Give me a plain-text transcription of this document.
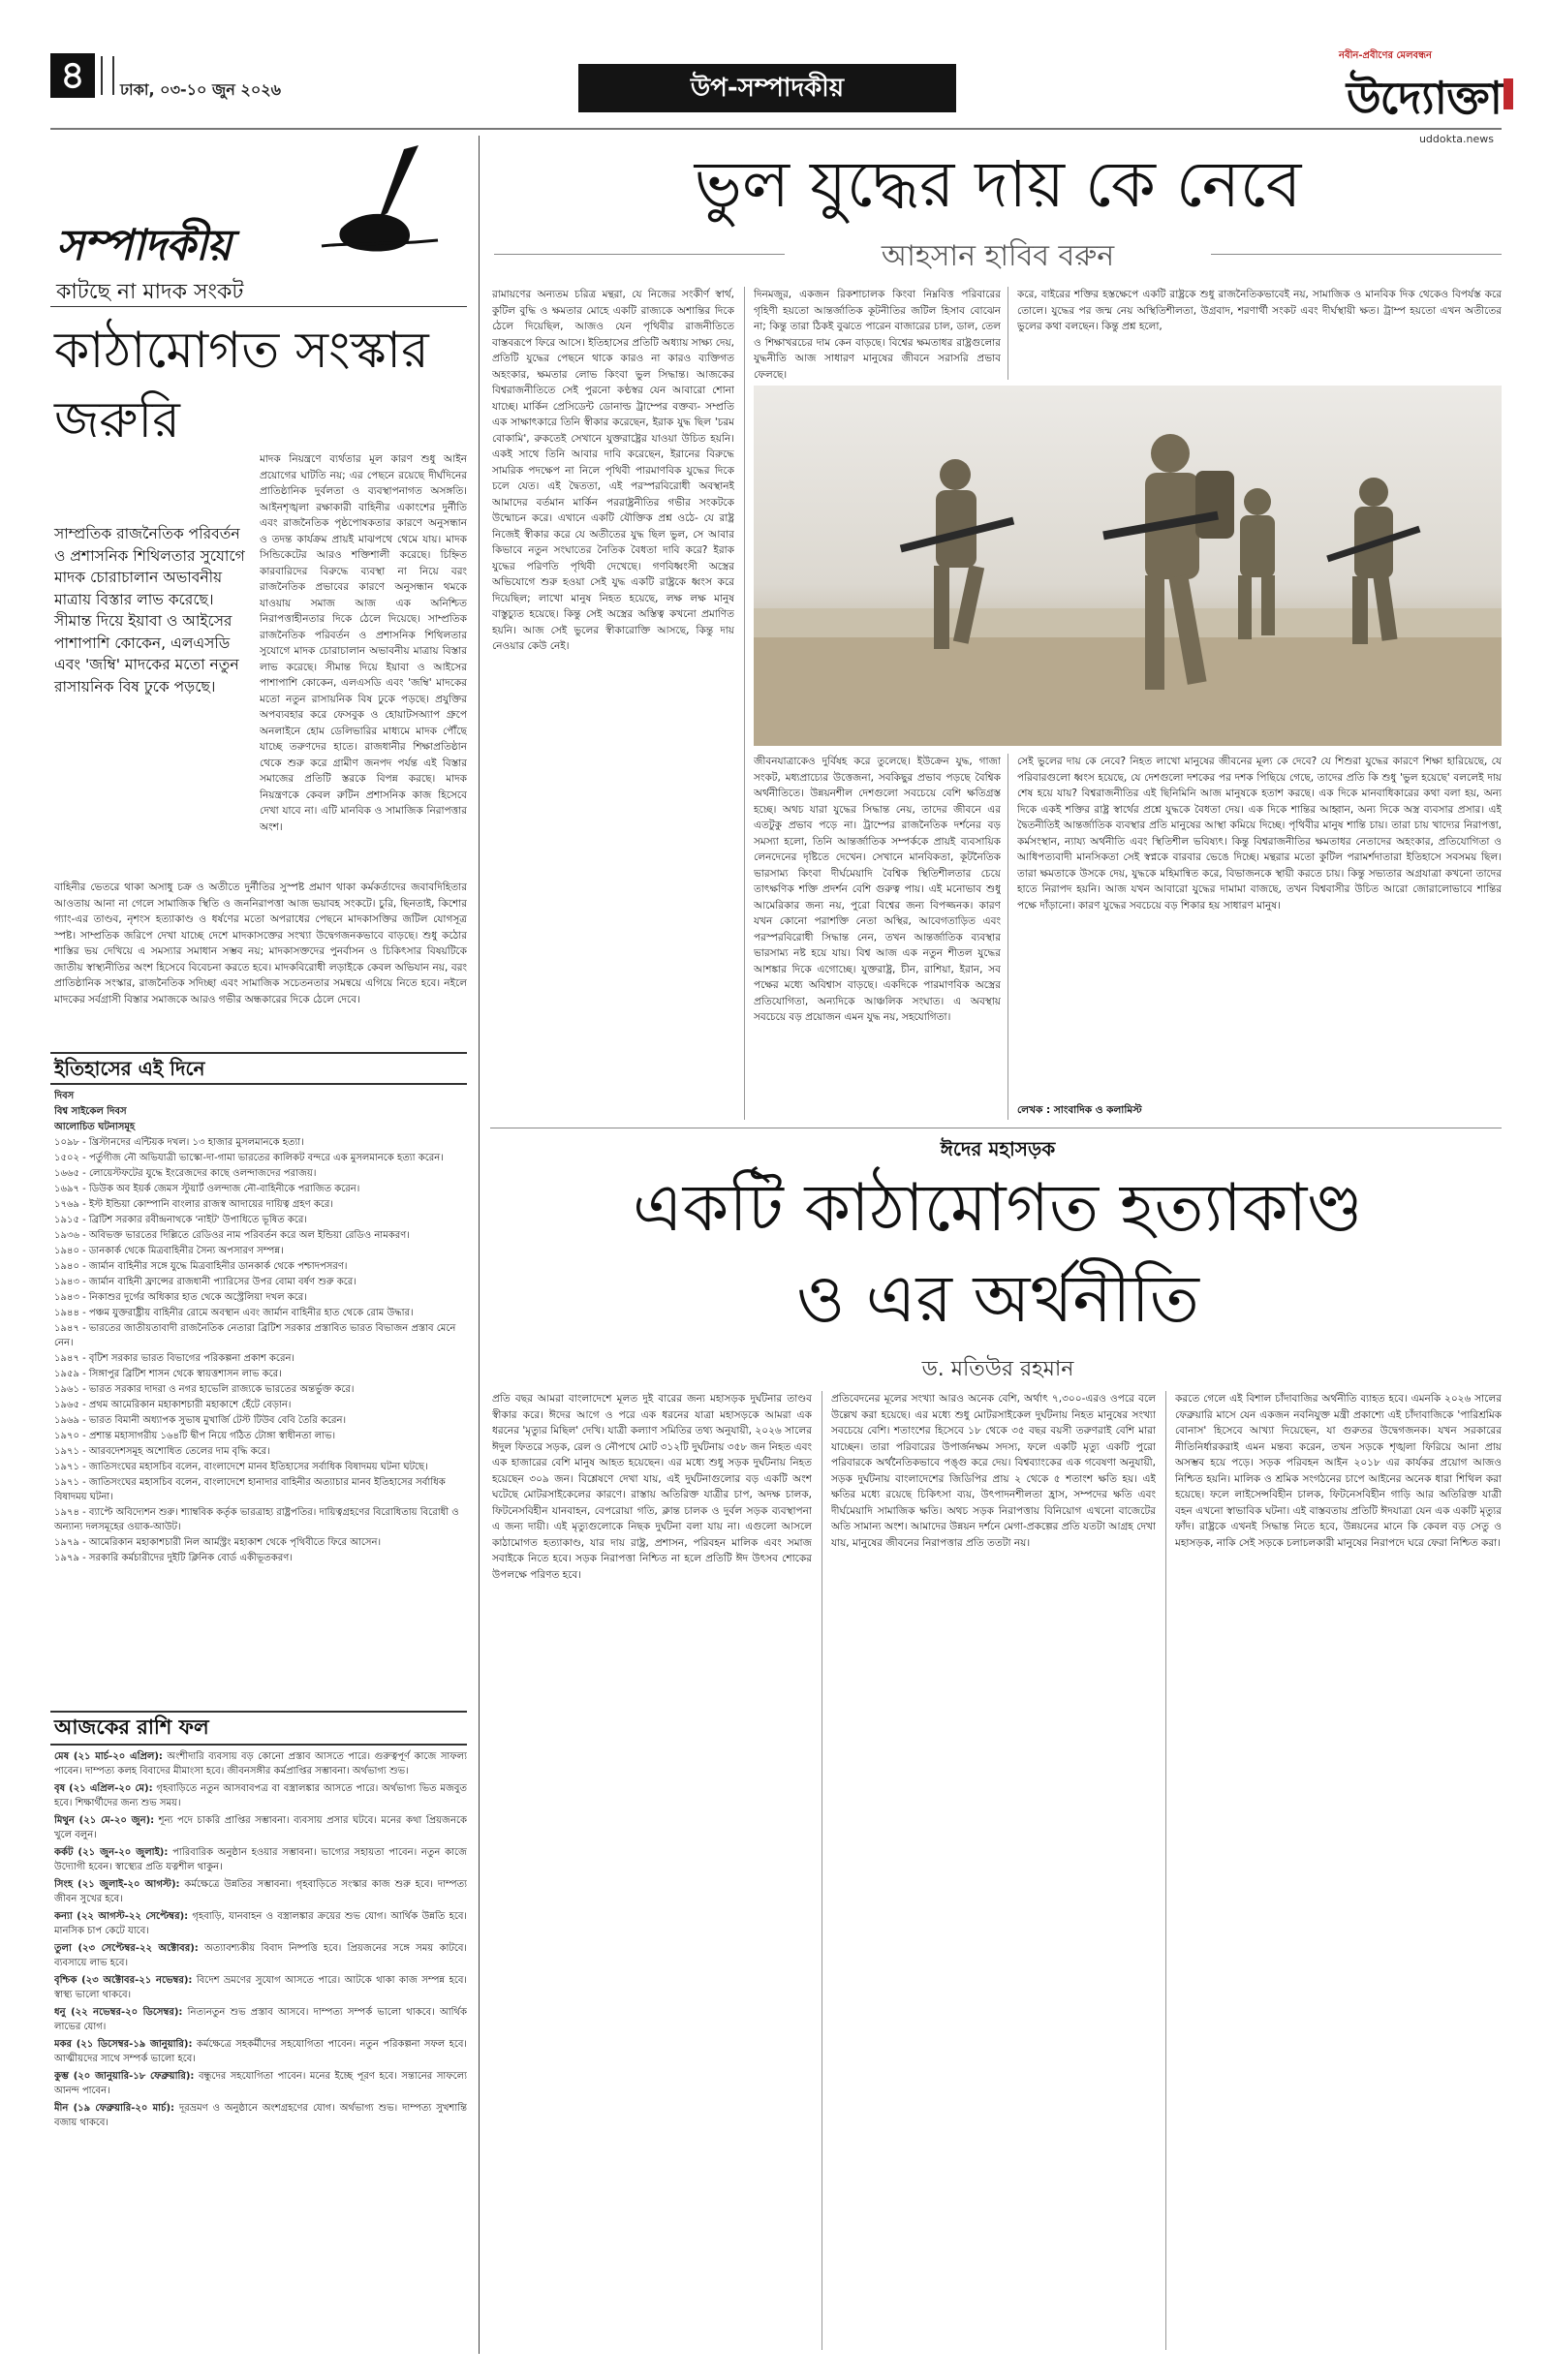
৪	ঢাকা, ০৩-১০ জুন ২০২৬	উপ-সম্পাদকীয়
নবীন-প্রবীণের মেলবন্ধন
উদ্যোক্তা
uddokta.news
সম্পাদকীয়
কাটছে না মাদক সংকট
কাঠামোগত সংস্কার জরুরি
সাম্প্রতিক রাজনৈতিক পরিবর্তন ও প্রশাসনিক শিথিলতার সুযোগে মাদক চোরাচালান অভাবনীয় মাত্রায় বিস্তার লাভ করেছে। সীমান্ত দিয়ে ইয়াবা ও আইসের পাশাপাশি কোকেন, এলএসডি এবং 'জম্বি' মাদকের মতো নতুন রাসায়নিক বিষ ঢুকে পড়ছে।
মাদক নিয়ন্ত্রণে ব্যর্থতার মূল কারণ শুধু আইন প্রয়োগের ঘাটতি নয়; এর পেছনে রয়েছে দীর্ঘদিনের প্রাতিষ্ঠানিক দুর্বলতা ও ব্যবস্থাপনাগত অসঙ্গতি। আইনশৃঙ্খলা রক্ষাকারী বাহিনীর একাংশের দুর্নীতি এবং রাজনৈতিক পৃষ্ঠপোষকতার কারণে অনুসন্ধান ও তদন্ত কার্যক্রম প্রায়ই মাঝপথে থেমে যায়। মাদক সিন্ডিকেটের আরও শক্তিশালী করেছে। চিহ্নিত কারবারিদের বিরুদ্ধে ব্যবস্থা না নিয়ে বরং রাজনৈতিক প্রভাবের কারণে অনুসন্ধান থমকে যাওয়ায় সমাজ আজ এক অনিশ্চিত নিরাপত্তাহীনতার দিকে ঠেলে দিয়েছে। সাম্প্রতিক রাজনৈতিক পরিবর্তন ও প্রশাসনিক শিথিলতার সুযোগে মাদক চোরাচালান অভাবনীয় মাত্রায় বিস্তার লাভ করেছে। সীমান্ত দিয়ে ইয়াবা ও আইসের পাশাপাশি কোকেন, এলএসডি এবং 'জম্বি' মাদকের মতো নতুন রাসায়নিক বিষ ঢুকে পড়ছে। প্রযুক্তির অপব্যবহার করে ফেসবুক ও হোয়াটসঅ্যাপ গ্রুপে অনলাইনে হোম ডেলিভারির মাধ্যমে মাদক পৌঁছে যাচ্ছে তরুণদের হাতে। রাজধানীর শিক্ষাপ্রতিষ্ঠান থেকে শুরু করে গ্রামীণ জনপদ পর্যন্ত এই বিস্তার সমাজের প্রতিটি স্তরকে বিপন্ন করছে। মাদক নিয়ন্ত্রণকে কেবল রুটিন প্রশাসনিক কাজ হিসেবে দেখা যাবে না। এটি মানবিক ও সামাজিক নিরাপত্তার অংশ।
বাহিনীর ভেতরে থাকা অসাধু চক্র ও অতীতে দুর্নীতির সুস্পষ্ট প্রমাণ থাকা কর্মকর্তাদের জবাবদিহিতার আওতায় আনা না গেলে সামাজিক স্থিতি ও জননিরাপত্তা আজ ভয়াবহ সংকটে। চুরি, ছিনতাই, কিশোর গ্যাং-এর তাণ্ডব, নৃশংস হত্যাকাণ্ড ও ধর্ষণের মতো অপরাধের পেছনে মাদকাসক্তির জটিল যোগসূত্র স্পষ্ট। সাম্প্রতিক জরিপে দেখা যাচ্ছে দেশে মাদকাসক্তের সংখ্যা উদ্বেগজনকভাবে বাড়ছে। শুধু কঠোর শাস্তির ভয় দেখিয়ে এ সমস্যার সমাধান সম্ভব নয়; মাদকাসক্তদের পুনর্বাসন ও চিকিৎসার বিষয়টিকে জাতীয় স্বাস্থ্যনীতির অংশ হিসেবে বিবেচনা করতে হবে। মাদকবিরোধী লড়াইকে কেবল অভিযান নয়, বরং প্রাতিষ্ঠানিক সংস্কার, রাজনৈতিক সদিচ্ছা এবং সামাজিক সচেতনতার সমন্বয়ে এগিয়ে নিতে হবে। নইলে মাদকের সর্বগ্রাসী বিস্তার সমাজকে আরও গভীর অন্ধকারের দিকে ঠেলে দেবে।
ইতিহাসের এই দিনে
দিবস
বিশ্ব সাইকেল দিবস
আলোচিত ঘটনাসমূহ
১০৯৮ - খ্রিস্টানদের এন্টিয়ক দখল। ১৩ হাজার মুসলমানকে হত্যা।
১৫০২ - পর্তুগীজ নৌ অভিযাত্রী ভাস্কো-দা-গামা ভারতের কালিকট বন্দরে এক মুসলমানকে হত্যা করেন।
১৬৬৫ - লোয়েস্টফটের যুদ্ধে ইংরেজদের কাছে ওলন্দাজদের পরাজয়।
১৬৯৭ - ডিউক অব ইয়র্ক জেমস স্টুয়ার্ট ওলন্দাজ নৌ-বাহিনীকে পরাজিত করেন।
১৭৬৯ - ইস্ট ইন্ডিয়া কোম্পানি বাংলার রাজস্ব আদায়ের দায়িত্ব গ্রহণ করে।
১৯১৫ - ব্রিটিশ সরকার রবীন্দ্রনাথকে 'নাইট' উপাধিতে ভূষিত করে।
১৯৩৬ - অবিভক্ত ভারতের দিল্লিতে রেডিওর নাম পরিবর্তন করে অল ইন্ডিয়া রেডিও নামকরণ।
১৯৪০ - ডানকার্ক থেকে মিত্রবাহিনীর সৈন্য অপসারণ সম্পন্ন।
১৯৪০ - জার্মান বাহিনীর সঙ্গে যুদ্ধে মিত্রবাহিনীর ডানকার্ক থেকে পশ্চাদপসরণ।
১৯৪৩ - জার্মান বাহিনী ফ্রান্সের রাজধানী প্যারিসের উপর বোমা বর্ষণ শুরু করে।
১৯৪৩ - নিকাশুর দুর্গের অধিকার হাত থেকে অস্ট্রেলিয়া দখল করে।
১৯৪৪ - পঞ্চম যুক্তরাষ্ট্রীয় বাহিনীর রোমে অবস্থান এবং জার্মান বাহিনীর হাত থেকে রোম উদ্ধার।
১৯৪৭ - ভারতের জাতীয়তাবাদী রাজনৈতিক নেতারা ব্রিটিশ সরকার প্রস্তাবিত ভারত বিভাজন প্রস্তাব মেনে নেন।
১৯৪৭ - বৃটিশ সরকার ভারত বিভাগের পরিকল্পনা প্রকাশ করেন।
১৯৫৯ - সিঙ্গাপুর ব্রিটিশ শাসন থেকে স্বায়ত্তশাসন লাভ করে।
১৯৬১ - ভারত সরকার দাদরা ও নগর হাভেলি রাজ্যকে ভারতের অন্তর্ভুক্ত করে।
১৯৬৫ - প্রথম আমেরিকান মহাকাশচারী মহাকাশে হেঁটে বেড়ান।
১৯৬৯ - ভারত বিমানী অধ্যাপক সুভাষ মুখার্জি টেস্ট টিউব বেবি তৈরি করেন।
১৯৭০ - প্রশান্ত মহাসাগরীয় ১৬৪টি দ্বীপ নিয়ে গঠিত টোঙ্গা স্বাধীনতা লাভ।
১৯৭১ - আরবদেশসমূহ অশোধিত তেলের দাম বৃদ্ধি করে।
১৯৭১ - জাতিসংঘের মহাসচিব বলেন, বাংলাদেশে মানব ইতিহাসের সর্বাধিক বিষাদময় ঘটনা ঘটছে।
১৯৭১ - জাতিসংঘের মহাসচিব বলেন, বাংলাদেশে হানাদার বাহিনীর অত্যাচার মানব ইতিহাসের সর্বাধিক বিষাদময় ঘটনা।
১৯৭৪ - ব্যাপ্টে অবিদ্যেশন শুরু। শ্যাম্ববিক কর্তৃক ভারত্রাহ্য রাষ্ট্রপতির। দায়িত্বগ্রহণের বিরোধিতায় বিরোধী ও অন্যান্য দলসমূহের ওয়াক-আউট।
১৯৭৯ - আমেরিকান মহাকাশচারী নিল আর্মস্ট্রং মহাকাশ থেকে পৃথিবীতে ফিরে আসেন।
১৯৭৯ - সরকারি কর্মচারীদের দুইটি ক্লিনিক বোর্ড একীভূতকরণ।
আজকের রাশি ফল
মেষ (২১ মার্চ-২০ এপ্রিল): অংশীদারি ব্যবসায় বড় কোনো প্রস্তাব আসতে পারে। গুরুত্বপূর্ণ কাজে সাফল্য পাবেন। দাম্পত্য কলহ বিবাদের মীমাংসা হবে। জীবনসঙ্গীর কর্মপ্রাপ্তির সম্ভাবনা। অর্থভাগ্য শুভ।
বৃষ (২১ এপ্রিল-২০ মে): গৃহবাড়িতে নতুন আসবাবপত্র বা বস্ত্রালঙ্কার আসতে পারে। অর্থভাগ্য ভিত মজবুত হবে। শিক্ষার্থীদের জন্য শুভ সময়।
মিথুন (২১ মে-২০ জুন): শূন্য পদে চাকরি প্রাপ্তির সম্ভাবনা। ব্যবসায় প্রসার ঘটবে। মনের কথা প্রিয়জনকে খুলে বলুন।
কর্কট (২১ জুন-২০ জুলাই): পারিবারিক অনুষ্ঠান হওয়ার সম্ভাবনা। ভাগ্যের সহায়তা পাবেন। নতুন কাজে উদ্যোগী হবেন। স্বাস্থ্যের প্রতি যত্নশীল থাকুন।
সিংহ (২১ জুলাই-২০ আগস্ট): কর্মক্ষেত্রে উন্নতির সম্ভাবনা। গৃহবাড়িতে সংস্কার কাজ শুরু হবে। দাম্পত্য জীবন সুখের হবে।
কন্যা (২২ আগস্ট-২২ সেপ্টেম্বর): গৃহবাড়ি, যানবাহন ও বস্ত্রালঙ্কার ক্রয়ের শুভ যোগ। আর্থিক উন্নতি হবে। মানসিক চাপ কেটে যাবে।
তুলা (২৩ সেপ্টেম্বর-২২ অক্টোবর): অত্যাবশ্যকীয় বিবাদ নিষ্পত্তি হবে। প্রিয়জনের সঙ্গে সময় কাটবে। ব্যবসায়ে লাভ হবে।
বৃশ্চিক (২৩ অক্টোবর-২১ নভেম্বর): বিদেশ ভ্রমণের সুযোগ আসতে পারে। আটকে থাকা কাজ সম্পন্ন হবে। স্বাস্থ্য ভালো থাকবে।
ধনু (২২ নভেম্বর-২০ ডিসেম্বর): নিত্যনতুন শুভ প্রস্তাব আসবে। দাম্পত্য সম্পর্ক ভালো থাকবে। আর্থিক লাভের যোগ।
মকর (২১ ডিসেম্বর-১৯ জানুয়ারি): কর্মক্ষেত্রে সহকর্মীদের সহযোগিতা পাবেন। নতুন পরিকল্পনা সফল হবে। আত্মীয়দের সাথে সম্পর্ক ভালো হবে।
কুম্ভ (২০ জানুয়ারি-১৮ ফেব্রুয়ারি): বন্ধুদের সহযোগিতা পাবেন। মনের ইচ্ছে পূরণ হবে। সন্তানের সাফল্যে আনন্দ পাবেন।
মীন (১৯ ফেব্রুয়ারি-২০ মার্চ): দূরভ্রমণ ও অনুষ্ঠানে অংশগ্রহণের যোগ। অর্থভাগ্য শুভ। দাম্পত্য সুখশান্তি বজায় থাকবে।
ভুল যুদ্ধের দায় কে নেবে
আহসান হাবিব বরুন
রামায়ণের অন্যতম চরিত্র মন্থরা, যে নিজের সংকীর্ণ স্বার্থ, কুটিল বুদ্ধি ও ক্ষমতার মোহে একটি রাজ্যকে অশান্তির দিকে ঠেলে দিয়েছিল, আজও যেন পৃথিবীর রাজনীতিতে বাস্তবরূপে ফিরে আসে। ইতিহাসের প্রতিটি অধ্যায় সাক্ষ্য দেয়, প্রতিটি যুদ্ধের পেছনে থাকে কারও না কারও ব্যক্তিগত অহংকার, ক্ষমতার লোভ কিংবা ভুল সিদ্ধান্ত। আজকের বিশ্বরাজনীতিতে সেই পুরনো কণ্ঠস্বর যেন আবারো শোনা যাচ্ছে। মার্কিন প্রেসিডেন্ট ডোনাল্ড ট্রাম্পের বক্তব্য- সম্প্রতি এক সাক্ষাৎকারে তিনি স্বীকার করেছেন, ইরাক যুদ্ধ ছিল 'চরম বোকামি', রুকতেই সেখানে যুক্তরাষ্ট্রের যাওয়া উচিত হয়নি। একই সাথে তিনি আবার দাবি করেছেন, ইরানের বিরুদ্ধে সামরিক পদক্ষেপ না নিলে পৃথিবী পারমাণবিক যুদ্ধের দিকে চলে যেত। এই দ্বৈততা, এই পরস্পরবিরোধী অবস্থানই আমাদের বর্তমান মার্কিন পররাষ্ট্রনীতির গভীর সংকটকে উন্মোচন করে। এখানে একটি যৌক্তিক প্রশ্ন ওঠে- যে রাষ্ট্র নিজেই স্বীকার করে যে অতীতের যুদ্ধ ছিল ভুল, সে আবার কিভাবে নতুন সংঘাতের নৈতিক বৈধতা দাবি করে? ইরাক যুদ্ধের পরিণতি পৃথিবী দেখেছে। গণবিধ্বংসী অস্ত্রের অভিযোগে শুরু হওয়া সেই যুদ্ধ একটি রাষ্ট্রকে ধ্বংস করে দিয়েছিল; লাখো মানুষ নিহত হয়েছে, লক্ষ লক্ষ মানুষ বাস্তুচ্যুত হয়েছে। কিন্তু সেই অস্ত্রের অস্তিত্ব কখনো প্রমাণিত হয়নি। আজ সেই ভুলের স্বীকারোক্তি আসছে, কিন্তু দায় নেওয়ার কেউ নেই।
দিনমজুর, একজন রিকশাচালক কিংবা নিম্নবিত্ত পরিবারের গৃহিণী হয়তো আন্তর্জাতিক কূটনীতির জটিল হিসাব বোঝেন না; কিন্তু তারা ঠিকই বুঝতে পারেন বাজারের চাল, ডাল, তেল ও শিক্ষাখরচের দাম কেন বাড়ছে। বিশ্বের ক্ষমতাধর রাষ্ট্রগুলোর যুদ্ধনীতি আজ সাধারণ মানুষের জীবনে সরাসরি প্রভাব ফেলছে।
করে, বাইরের শক্তির হস্তক্ষেপে একটি রাষ্ট্রকে শুধু রাজনৈতিকভাবেই নয়, সামাজিক ও মানবিক দিক থেকেও বিপর্যস্ত করে তোলে। যুদ্ধের পর জন্ম নেয় অস্থিতিশীলতা, উগ্রবাদ, শরণার্থী সংকট এবং দীর্ঘস্থায়ী ক্ষত। ট্রাম্প হয়তো এখন অতীতের ভুলের কথা বলছেন। কিন্তু প্রশ্ন হলো,
জীবনযাত্রাকেও দুর্বিষহ করে তুলেছে। ইউক্রেন যুদ্ধ, গাজা সংকট, মধ্যপ্রাচ্যের উত্তেজনা, সবকিছুর প্রভাব পড়ছে বৈশ্বিক অর্থনীতিতে। উন্নয়নশীল দেশগুলো সবচেয়ে বেশি ক্ষতিগ্রস্ত হচ্ছে। অথচ যারা যুদ্ধের সিদ্ধান্ত নেয়, তাদের জীবনে এর এতটুকু প্রভাব পড়ে না। ট্রাম্পের রাজনৈতিক দর্শনের বড় সমস্যা হলো, তিনি আন্তর্জাতিক সম্পর্ককে প্রায়ই ব্যবসায়িক লেনদেনের দৃষ্টিতে দেখেন। সেখানে মানবিকতা, কূটনৈতিক ভারসাম্য কিংবা দীর্ঘমেয়াদি বৈশ্বিক স্থিতিশীলতার চেয়ে তাৎক্ষণিক শক্তি প্রদর্শন বেশি গুরুত্ব পায়। এই মনোভাব শুধু আমেরিকার জন্য নয়, পুরো বিশ্বের জন্য বিপজ্জনক। কারণ যখন কোনো পরাশক্তি নেতা অস্থির, আবেগতাড়িত এবং পরস্পরবিরোধী সিদ্ধান্ত নেন, তখন আন্তর্জাতিক ব্যবস্থার ভারসাম্য নষ্ট হয়ে যায়। বিশ্ব আজ এক নতুন শীতল যুদ্ধের আশঙ্কার দিকে এগোচ্ছে। যুক্তরাষ্ট্র, চীন, রাশিয়া, ইরান, সব পক্ষের মধ্যে অবিশ্বাস বাড়ছে। একদিকে পারমাণবিক অস্ত্রের প্রতিযোগিতা, অন্যদিকে আঞ্চলিক সংঘাত। এ অবস্থায় সবচেয়ে বড় প্রয়োজন এমন যুদ্ধ নয়, সহযোগিতা।
সেই ভুলের দায় কে নেবে? নিহত লাখো মানুষের জীবনের মূল্য কে দেবে? যে শিশুরা যুদ্ধের কারণে শিক্ষা হারিয়েছে, যে পরিবারগুলো ধ্বংস হয়েছে, যে দেশগুলো দশকের পর দশক পিছিয়ে গেছে, তাদের প্রতি কি শুধু 'ভুল হয়েছে' বললেই দায় শেষ হয়ে যায়? বিশ্বরাজনীতির এই ছিনিমিনি আজ মানুষকে হতাশ করছে। এক দিকে মানবাধিকারের কথা বলা হয়, অন্য দিকে একই শক্তির রাষ্ট্র স্বার্থের প্রশ্নে যুদ্ধকে বৈধতা দেয়। এক দিকে শান্তির আহ্বান, অন্য দিকে অস্ত্র ব্যবসার প্রসার। এই দ্বৈতনীতিই আন্তর্জাতিক ব্যবস্থার প্রতি মানুষের আস্থা কমিয়ে দিচ্ছে। পৃথিবীর মানুষ শান্তি চায়। তারা চায় খাদ্যের নিরাপত্তা, কর্মসংস্থান, ন্যায্য অর্থনীতি এবং স্থিতিশীল ভবিষ্যৎ। কিন্তু বিশ্বরাজনীতির ক্ষমতাধর নেতাদের অহংকার, প্রতিযোগিতা ও আধিপত্যবাদী মানসিকতা সেই স্বপ্নকে বারবার ভেঙে দিচ্ছে। মন্থরার মতো কুটিল পরামর্শদাতারা ইতিহাসে সবসময় ছিল। তারা ক্ষমতাকে উসকে দেয়, যুদ্ধকে মহিমান্বিত করে, বিভাজনকে স্থায়ী করতে চায়। কিন্তু সভ্যতার অগ্রযাত্রা কখনো তাদের হাতে নিরাপদ হয়নি। আজ যখন আবারো যুদ্ধের দামামা বাজছে, তখন বিশ্ববাসীর উচিত আরো জোরালোভাবে শান্তির পক্ষে দাঁড়ানো। কারণ যুদ্ধের সবচেয়ে বড় শিকার হয় সাধারণ মানুষ।
লেখক : সাংবাদিক ও কলামিস্ট
ঈদের মহাসড়ক
একটি কাঠামোগত হত্যাকাণ্ড
ও এর অর্থনীতি
ড. মতিউর রহমান
প্রতি বছর আমরা বাংলাদেশে মূলত দুই বারের জন্য মহাসড়ক দুর্ঘটনার তাণ্ডব স্বীকার করে। ঈদের আগে ও পরে এক ধরনের যাত্রা মহাসড়কে আমরা এক ধরনের 'মৃত্যুর মিছিল' দেখি। যাত্রী কল্যাণ সমিতির তথ্য অনুযায়ী, ২০২৬ সালের ঈদুল ফিতরে সড়ক, রেল ও নৌপথে মোট ৩১২টি দুর্ঘটনায় ৩৫৮ জন নিহত এবং এক হাজারের বেশি মানুষ আহত হয়েছেন। এর মধ্যে শুধু সড়ক দুর্ঘটনায় নিহত হয়েছেন ৩০৯ জন। বিশ্লেষণে দেখা যায়, এই দুর্ঘটনাগুলোর বড় একটি অংশ ঘটেছে মোটরসাইকেলের কারণে। রাস্তায় অতিরিক্ত যাত্রীর চাপ, অদক্ষ চালক, ফিটনেসবিহীন যানবাহন, বেপরোয়া গতি, ক্লান্ত চালক ও দুর্বল সড়ক ব্যবস্থাপনা এ জন্য দায়ী। এই মৃত্যুগুলোকে নিছক দুর্ঘটনা বলা যায় না। এগুলো আসলে কাঠামোগত হত্যাকাণ্ড, যার দায় রাষ্ট্র, প্রশাসন, পরিবহন মালিক এবং সমাজ সবাইকে নিতে হবে। সড়ক নিরাপত্তা নিশ্চিত না হলে প্রতিটি ঈদ উৎসব শোকের উপলক্ষে পরিণত হবে।
প্রতিবেদনের মূলের সংখ্যা আরও অনেক বেশি, অর্থাৎ ৭,৩০০-এরও ওপরে বলে উল্লেখ করা হয়েছে। এর মধ্যে শুধু মোটরসাইকেল দুর্ঘটনায় নিহত মানুষের সংখ্যা সবচেয়ে বেশি। শতাংশের হিসেবে ১৮ থেকে ৩৫ বছর বয়সী তরুণরাই বেশি মারা যাচ্ছেন। তারা পরিবারের উপার্জনক্ষম সদস্য, ফলে একটি মৃত্যু একটি পুরো পরিবারকে অর্থনৈতিকভাবে পঙ্গু করে দেয়। বিশ্বব্যাংকের এক গবেষণা অনুযায়ী, সড়ক দুর্ঘটনায় বাংলাদেশের জিডিপির প্রায় ২ থেকে ৫ শতাংশ ক্ষতি হয়। এই ক্ষতির মধ্যে রয়েছে চিকিৎসা ব্যয়, উৎপাদনশীলতা হ্রাস, সম্পদের ক্ষতি এবং দীর্ঘমেয়াদি সামাজিক ক্ষতি। অথচ সড়ক নিরাপত্তায় বিনিয়োগ এখনো বাজেটের অতি সামান্য অংশ। আমাদের উন্নয়ন দর্শনে মেগা-প্রকল্পের প্রতি যতটা আগ্রহ দেখা যায়, মানুষের জীবনের নিরাপত্তার প্রতি ততটা নয়।
করতে গেলে এই বিশাল চাঁদাবাজির অর্থনীতি ব্যাহত হবে। এমনকি ২০২৬ সালের ফেব্রুয়ারি মাসে যেন একজন নবনিযুক্ত মন্ত্রী প্রকাশ্যে এই চাঁদাবাজিকে 'পারিশ্রমিক বোনাস' হিসেবে আখ্যা দিয়েছেন, যা গুরুতর উদ্বেগজনক। যখন সরকারের নীতিনির্ধারকরাই এমন মন্তব্য করেন, তখন সড়কে শৃঙ্খলা ফিরিয়ে আনা প্রায় অসম্ভব হয়ে পড়ে। সড়ক পরিবহন আইন ২০১৮ এর কার্যকর প্রয়োগ আজও নিশ্চিত হয়নি। মালিক ও শ্রমিক সংগঠনের চাপে আইনের অনেক ধারা শিথিল করা হয়েছে। ফলে লাইসেন্সবিহীন চালক, ফিটনেসবিহীন গাড়ি আর অতিরিক্ত যাত্রী বহন এখনো স্বাভাবিক ঘটনা। এই বাস্তবতায় প্রতিটি ঈদযাত্রা যেন এক একটি মৃত্যুর ফাঁদ। রাষ্ট্রকে এখনই সিদ্ধান্ত নিতে হবে, উন্নয়নের মানে কি কেবল বড় সেতু ও মহাসড়ক, নাকি সেই সড়কে চলাচলকারী মানুষের নিরাপদে ঘরে ফেরা নিশ্চিত করা।
